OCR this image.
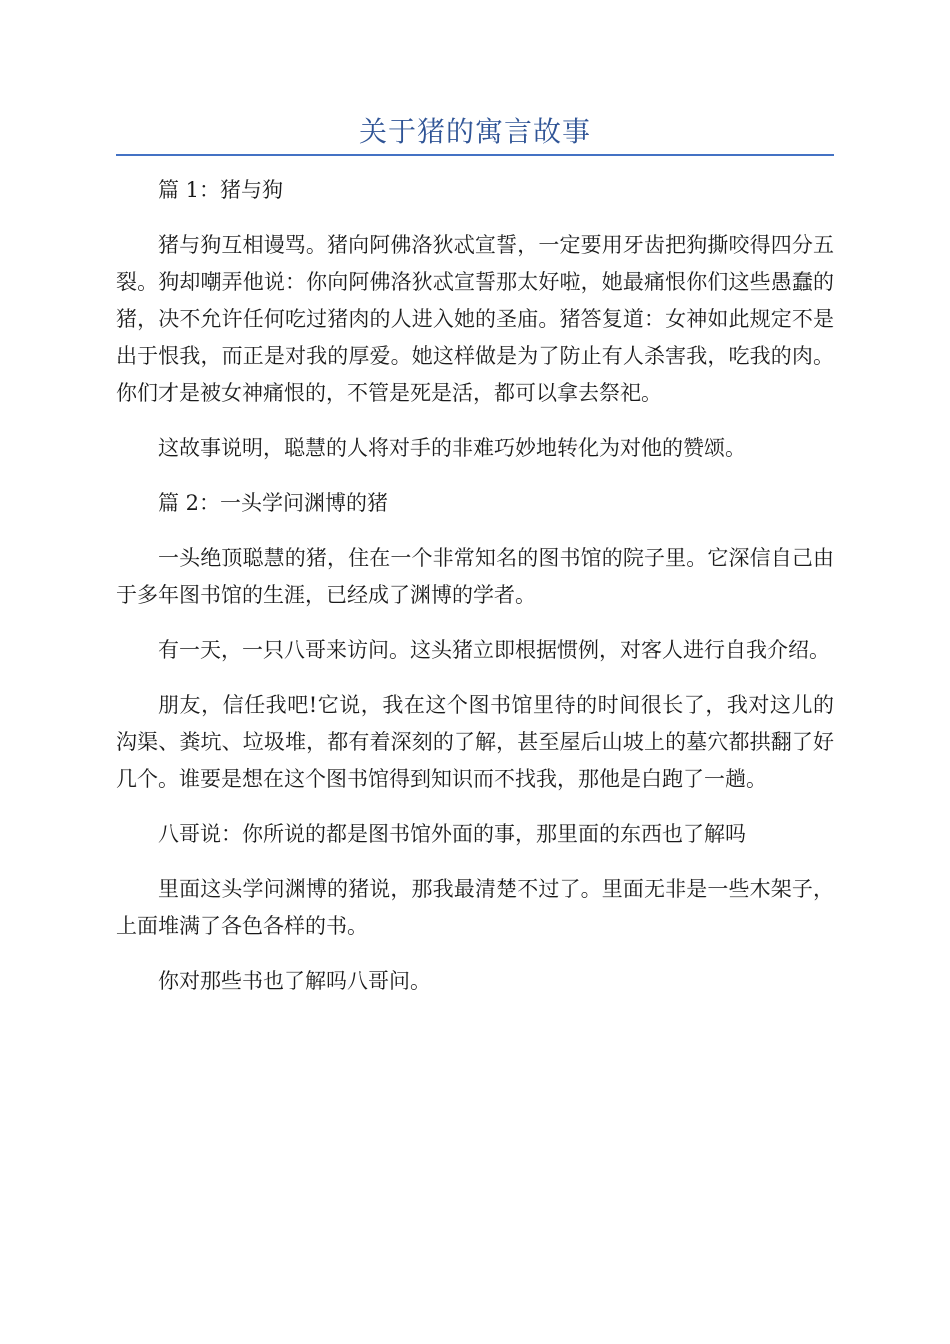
关于猪的寓言故事

篇 1：猪与狗

猪与狗互相谩骂。猪向阿佛洛狄忒宣誓，一定要用牙齿把狗撕咬得四分五裂。狗却嘲弄他说：你向阿佛洛狄忒宣誓那太好啦，她最痛恨你们这些愚蠢的猪，决不允许任何吃过猪肉的人进入她的圣庙。猪答复道：女神如此规定不是出于恨我，而正是对我的厚爱。她这样做是为了防止有人杀害我，吃我的肉。你们才是被女神痛恨的，不管是死是活，都可以拿去祭祀。

这故事说明，聪慧的人将对手的非难巧妙地转化为对他的赞颂。

篇 2：一头学问渊博的猪

一头绝顶聪慧的猪，住在一个非常知名的图书馆的院子里。它深信自己由于多年图书馆的生涯，已经成了渊博的学者。

有一天，一只八哥来访问。这头猪立即根据惯例，对客人进行自我介绍。

朋友，信任我吧!它说，我在这个图书馆里待的时间很长了，我对这儿的沟渠、粪坑、垃圾堆，都有着深刻的了解，甚至屋后山坡上的墓穴都拱翻了好几个。谁要是想在这个图书馆得到知识而不找我，那他是白跑了一趟。

八哥说：你所说的都是图书馆外面的事，那里面的东西也了解吗

里面这头学问渊博的猪说，那我最清楚不过了。里面无非是一些木架子，上面堆满了各色各样的书。

你对那些书也了解吗八哥问。
